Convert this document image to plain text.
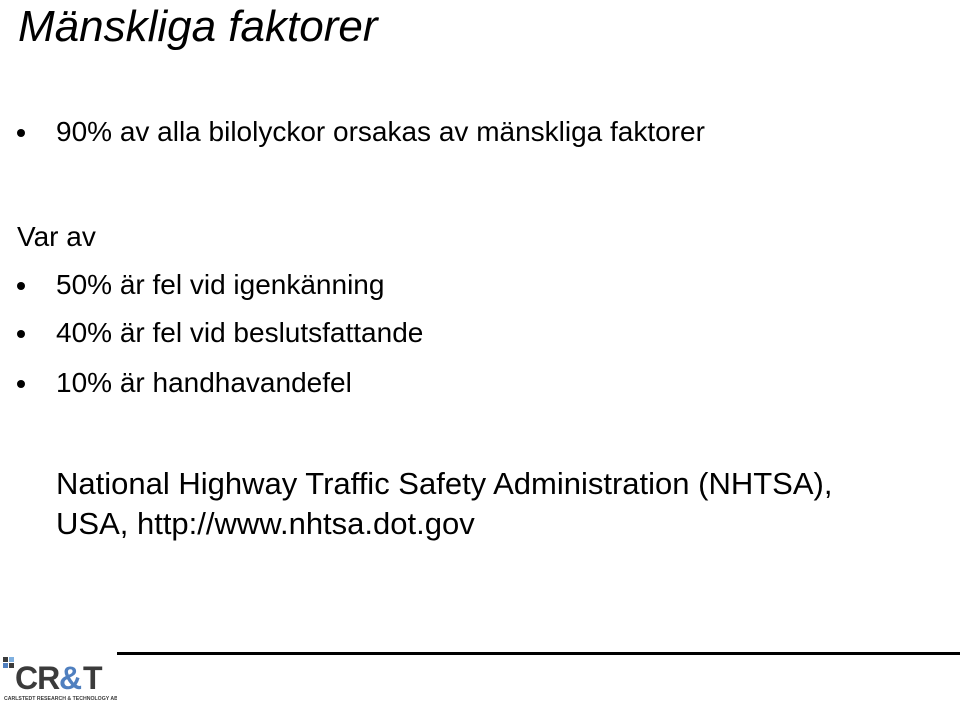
Mänskliga faktorer
90% av alla bilolyckor orsakas av mänskliga faktorer
Var av
50% är fel vid igenkänning
40% är fel vid beslutsfattande
10% är handhavandefel
National Highway Traffic Safety Administration (NHTSA),
USA, http://www.nhtsa.dot.gov
CR & T
CARLSTEDT RESEARCH & TECHNOLOGY AB
